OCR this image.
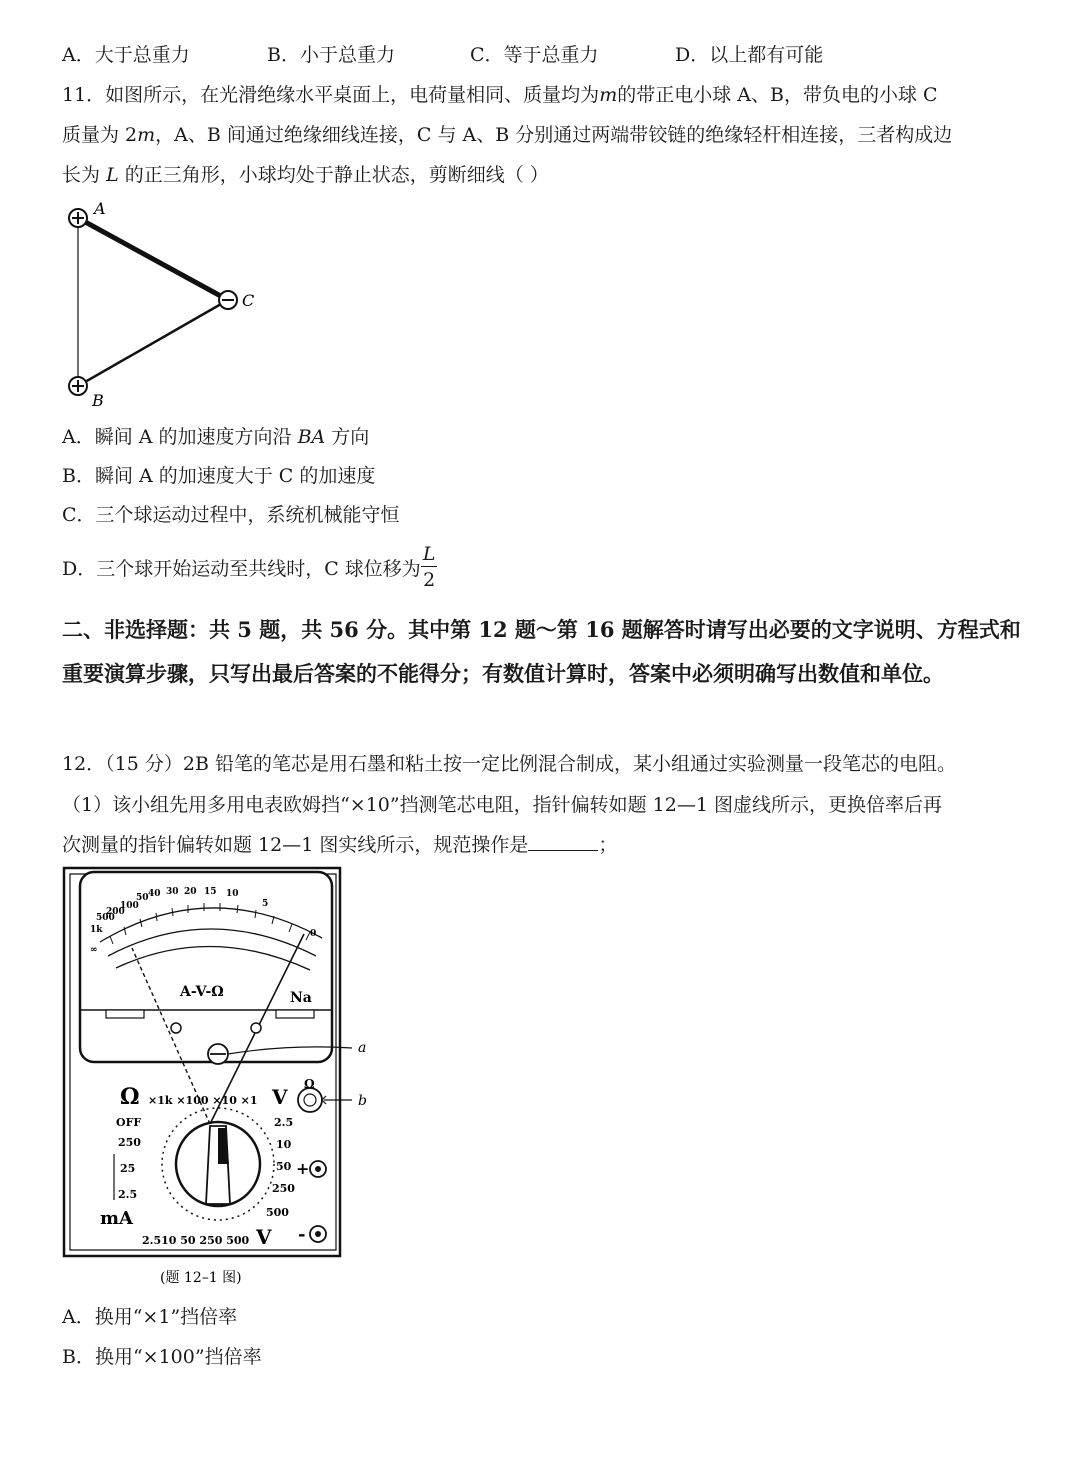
A．大于总重力	B．小于总重力	C．等于总重力	D．以上都有可能
11．如图所示，在光滑绝缘水平桌面上，电荷量相同、质量均为m的带正电小球 A、B，带负电的小球 C
质量为 2m，A、B 间通过绝缘细线连接，C 与 A、B 分别通过两端带铰链的绝缘轻杆相连接，三者构成边
长为 L 的正三角形，小球均处于静止状态，剪断细线（ ）
A
B
C
A．瞬间 A 的加速度方向沿 BA 方向
B．瞬间 A 的加速度大于 C 的加速度
C．三个球运动过程中，系统机械能守恒
D．三个球开始运动至共线时，C 球位移为 $\frac{L}{2}$
二、非选择题：共 5 题，共 56 分。其中第 12 题～第 16 题解答时请写出必要的文字说明、方程式和重要演算步骤，只写出最后答案的不能得分；有数值计算时，答案中必须明确写出数值和单位。
12．（15 分）2B 铅笔的笔芯是用石墨和粘土按一定比例混合制成，某小组通过实验测量一段笔芯的电阻。
（1）该小组先用多用电表欧姆挡“×10”挡测笔芯电阻，指针偏转如题 12—1 图虚线所示，更换倍率后再
次测量的指针偏转如题 12—1 图实线所示，规范操作是	；
∞
1k
500
200
100
50 40 30 20 15 10
5
0
A-V-Ω	Na
a
Ω ×1k ×100 ×10 ×1 V
Ω
b
OFF
250
25
2.5
mA
2.510 50 250 500 V
2.5
10
50
250
500
+
-
(题 12–1 图)
A．换用“×1”挡倍率
B．换用“×100”挡倍率
